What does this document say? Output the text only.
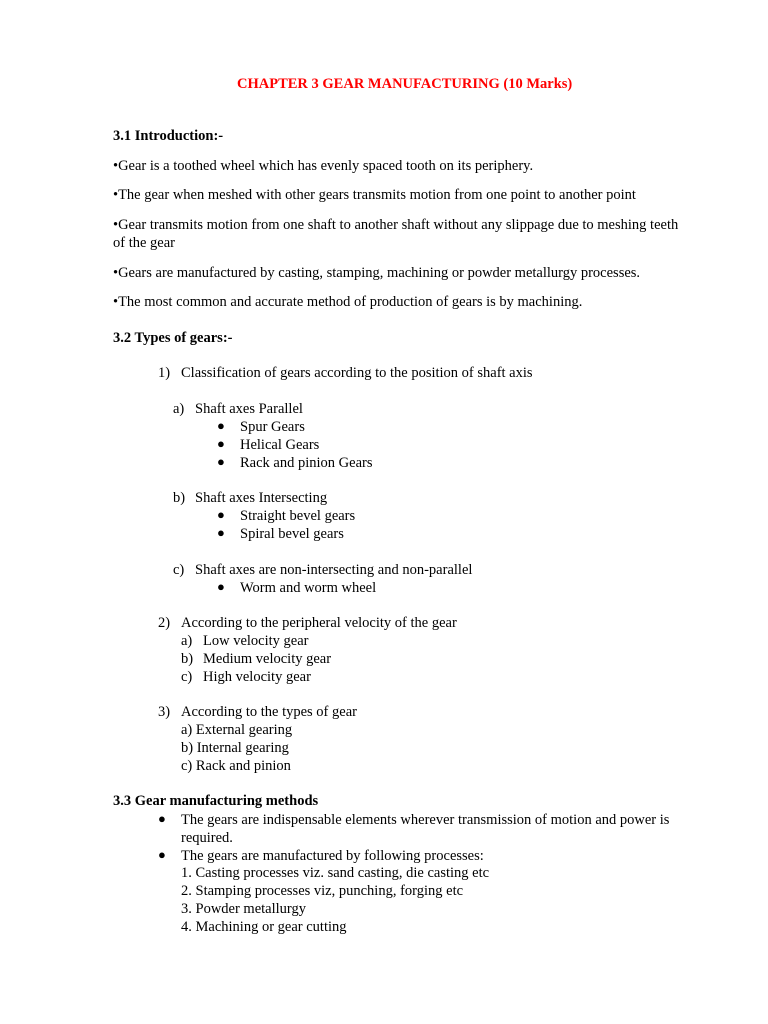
CHAPTER 3 GEAR MANUFACTURING (10 Marks)
3.1 Introduction:-
•Gear is a toothed wheel which has evenly spaced tooth on its periphery.
•The gear when meshed with other gears transmits motion from one point to another point
•Gear transmits motion from one shaft to another shaft without any slippage due to meshing teeth
of the gear
•Gears are manufactured by casting, stamping, machining or powder metallurgy processes.
•The most common and accurate method of production of gears is by machining.
3.2 Types of gears:-
1) Classification of gears according to the position of shaft axis
a) Shaft axes Parallel
● Spur Gears
● Helical Gears
● Rack and pinion Gears
b) Shaft axes Intersecting
● Straight bevel gears
● Spiral bevel gears
c) Shaft axes are non-intersecting and non-parallel
● Worm and worm wheel
2) According to the peripheral velocity of the gear
a) Low velocity gear
b) Medium velocity gear
c) High velocity gear
3) According to the types of gear
a) External gearing
b) Internal gearing
c) Rack and pinion
3.3 Gear manufacturing methods
● The gears are indispensable elements wherever transmission of motion and power is
required.
● The gears are manufactured by following processes:
1. Casting processes viz. sand casting, die casting etc
2. Stamping processes viz, punching, forging etc
3. Powder metallurgy
4. Machining or gear cutting
